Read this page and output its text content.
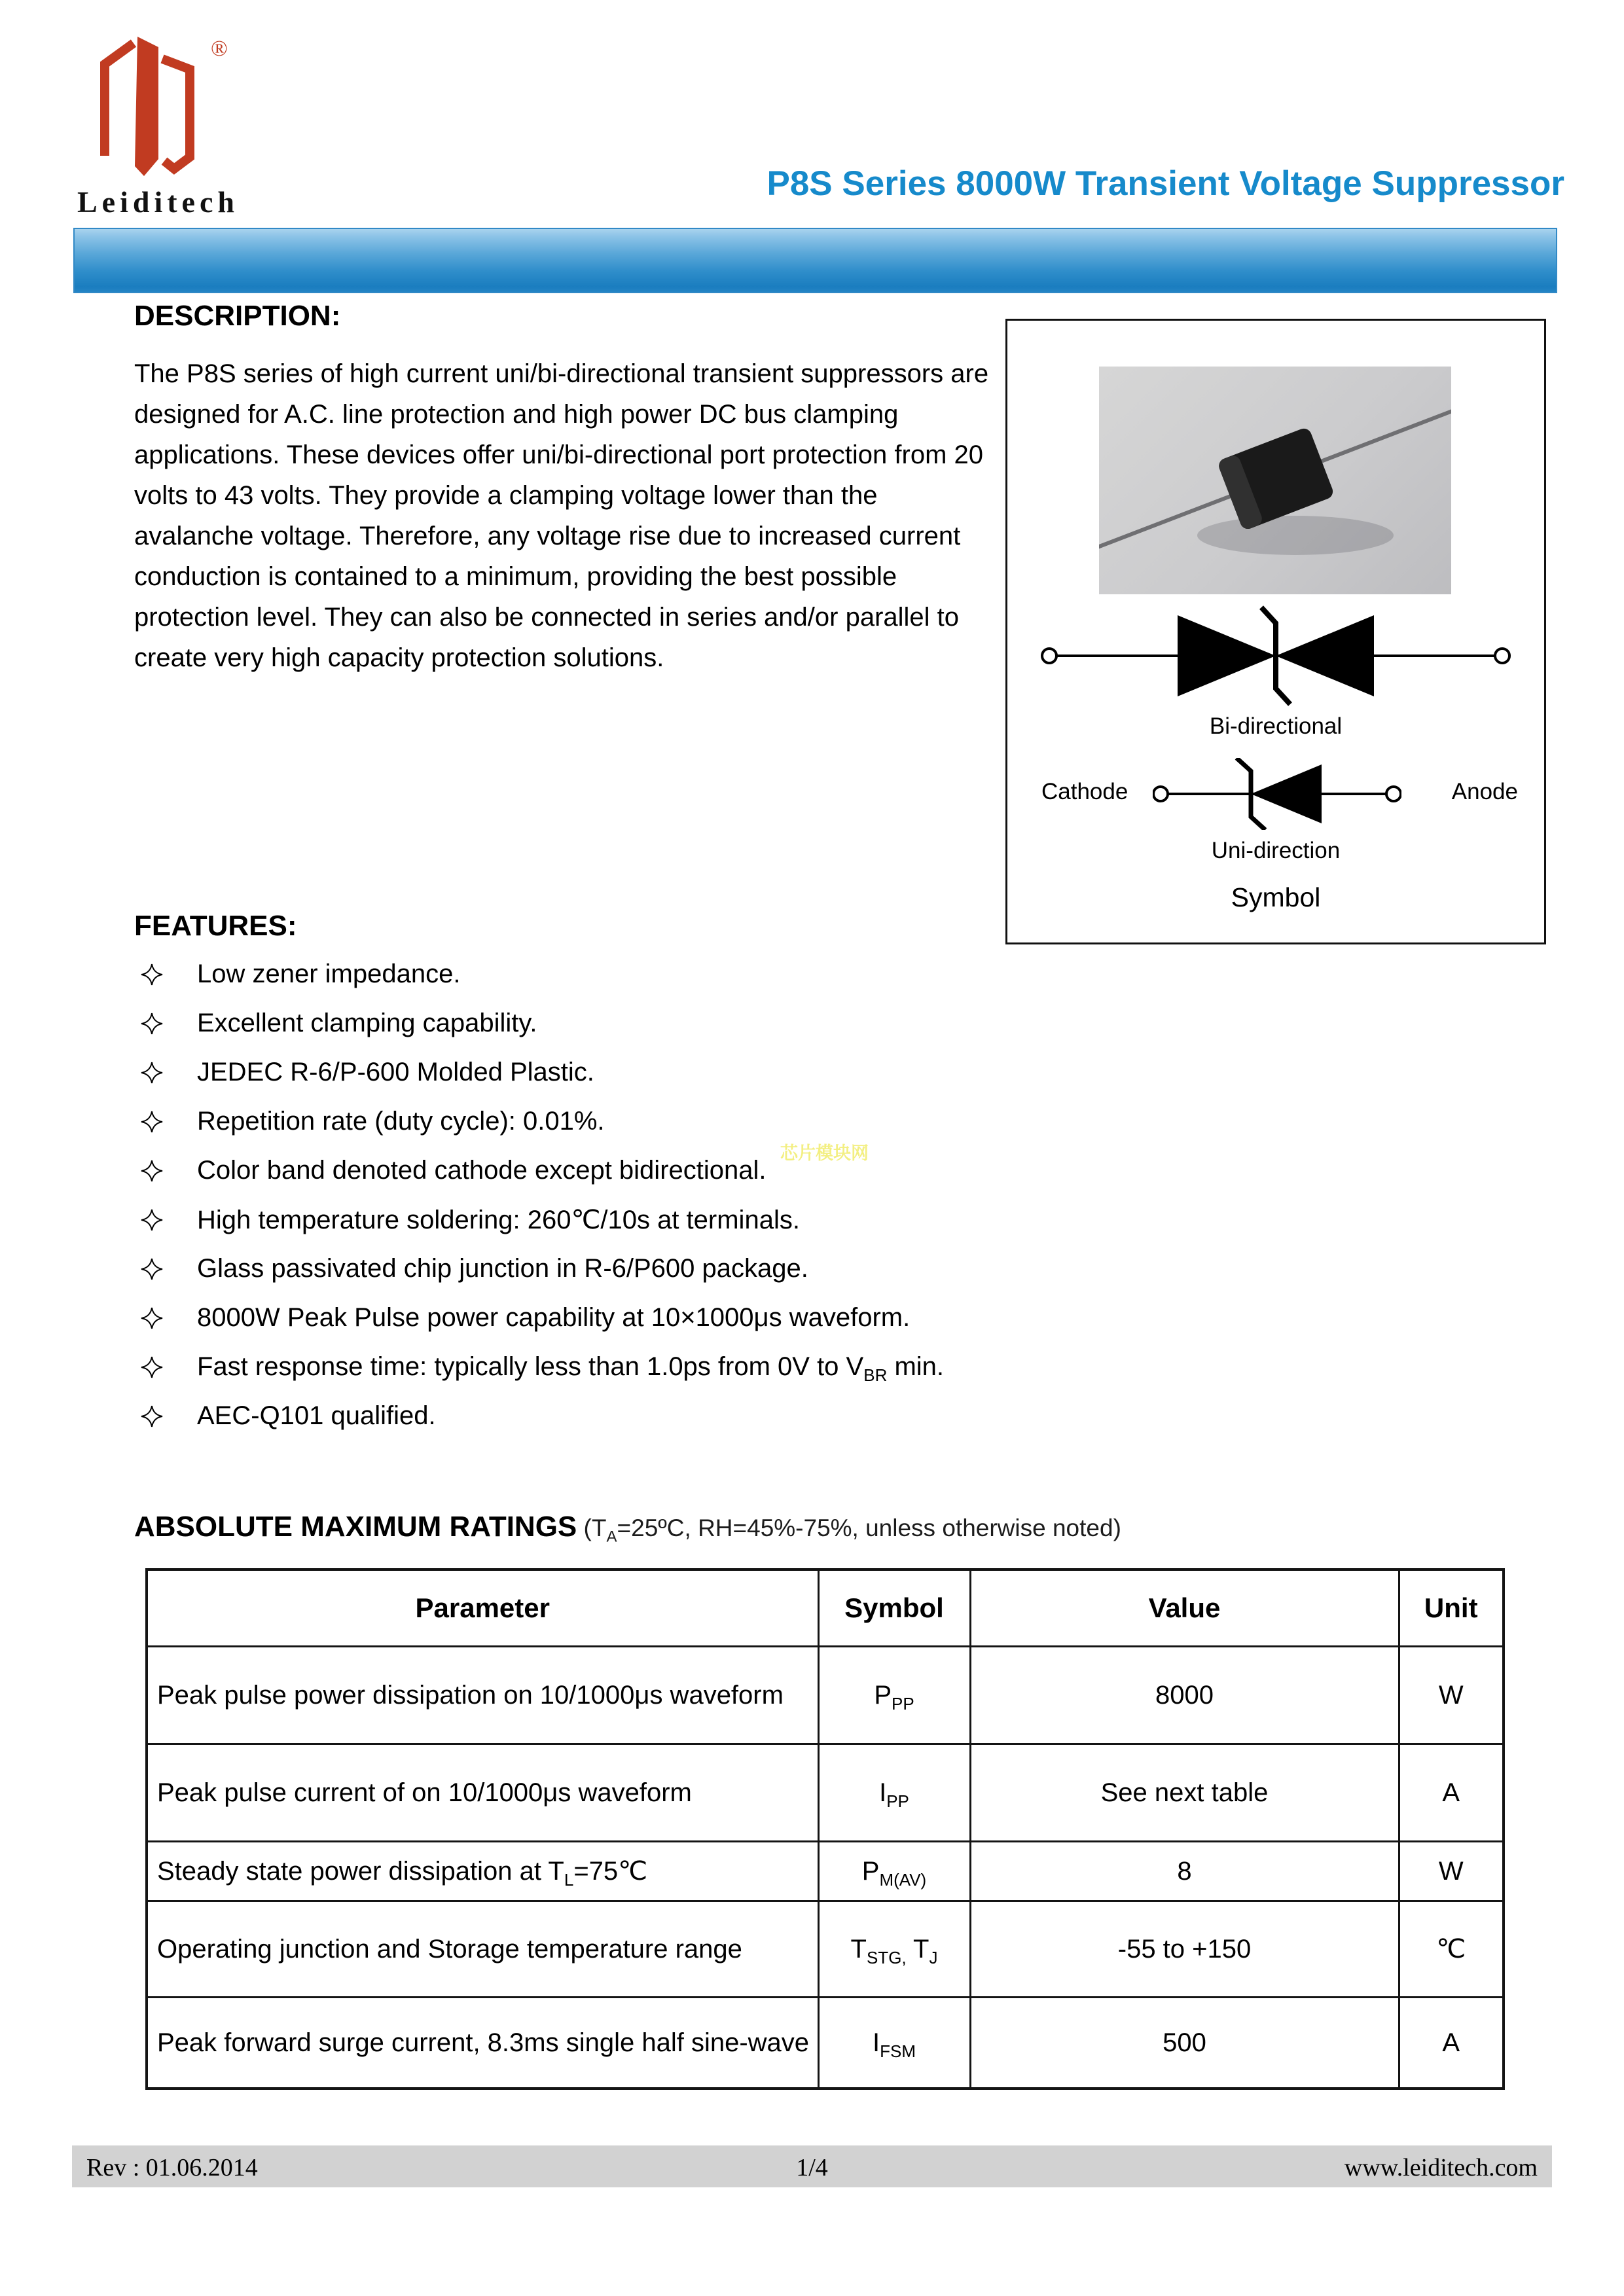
®
Leiditech	P8S Series 8000W Transient Voltage Suppressor
DESCRIPTION:
The P8S series of high current uni/bi-directional transient suppressors are designed for A.C. line protection and high power DC bus clamping applications. These devices offer uni/bi-directional port protection from 20 volts to 43 volts. They provide a clamping voltage lower than the avalanche voltage. Therefore, any voltage rise due to increased current conduction is contained to a minimum, providing the best possible protection level. They can also be connected in series and/or parallel to create very high capacity protection solutions.
Bi-directional
Cathode	Anode
Uni-direction
Symbol
FEATURES:
Low zener impedance.
Excellent clamping capability.
JEDEC R-6/P-600 Molded Plastic.
Repetition rate (duty cycle): 0.01%.
Color band denoted cathode except bidirectional.
High temperature soldering: 260℃/10s at terminals.
Glass passivated chip junction in R-6/P600 package.
8000W Peak Pulse power capability at 10×1000μs waveform.
Fast response time: typically less than 1.0ps from 0V to $V_{BR}$ min.
AEC-Q101 qualified.
芯片模块网
ABSOLUTE MAXIMUM RATINGS ($T_A=25ºC$, RH=45%-75%, unless otherwise noted)
Parameter	Symbol	Value	Unit
Peak pulse power dissipation on 10/1000μs waveform	$P_{PP}$	8000	W
Peak pulse current of on 10/1000μs waveform	$I_{PP}$	See next table	A
Steady state power dissipation at $T_L=75℃$	$P_{M(AV)}$	8	W
Operating junction and Storage temperature range	$T_{STG,}$ $T_J$	-55 to +150	℃
Peak forward surge current, 8.3ms single half sine-wave	$I_{FSM}$	500	A
Rev : 01.06.2014	1/4	www.leiditech.com
